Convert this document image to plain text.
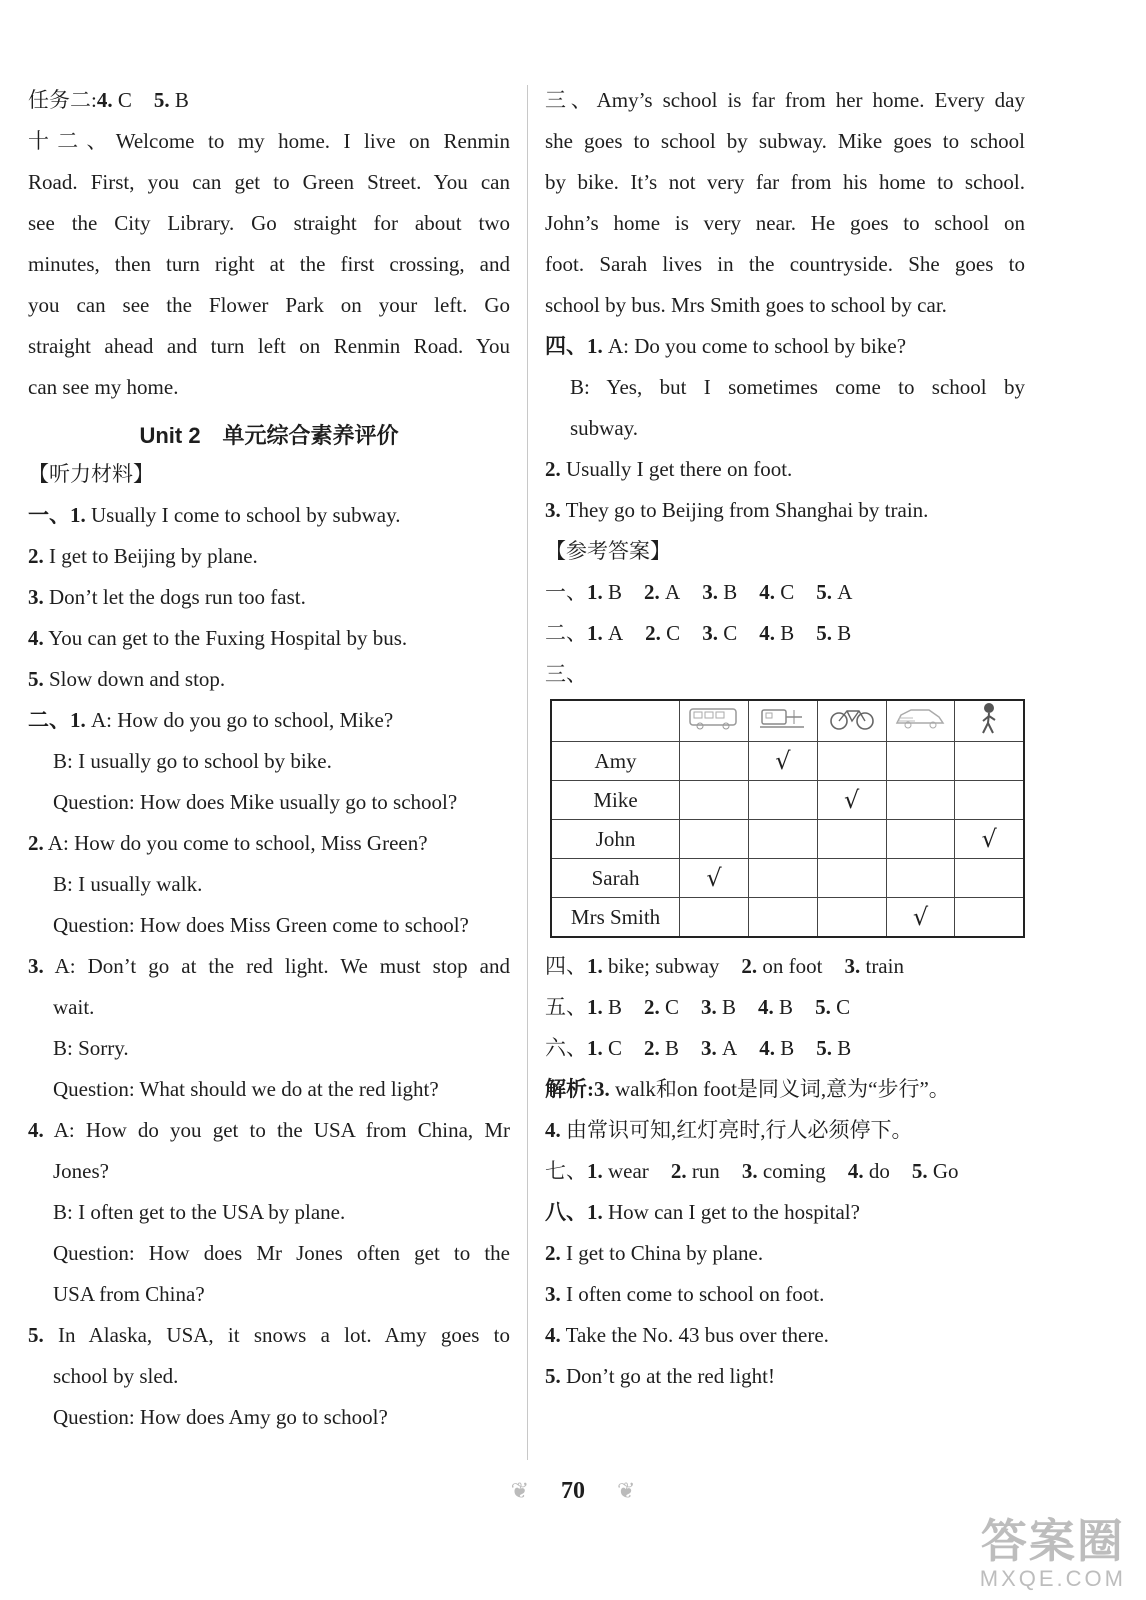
任务二:4. C 5. B
十二、Welcome to my home. I live on Renmin
Road. First, you can get to Green Street. You can
see the City Library. Go straight for about two
minutes, then turn right at the first crossing, and
you can see the Flower Park on your left. Go
straight ahead and turn left on Renmin Road. You
can see my home.
Unit 2　单元综合素养评价
【听力材料】
一、1. Usually I come to school by subway.
2. I get to Beijing by plane.
3. Don’t let the dogs run too fast.
4. You can get to the Fuxing Hospital by bus.
5. Slow down and stop.
二、1. A: How do you go to school, Mike?
B: I usually go to school by bike.
Question: How does Mike usually go to school?
2. A: How do you come to school, Miss Green?
B: I usually walk.
Question: How does Miss Green come to school?
3. A: Don’t go at the red light. We must stop and
wait.
B: Sorry.
Question: What should we do at the red light?
4. A: How do you get to the USA from China, Mr
Jones?
B: I often get to the USA by plane.
Question: How does Mr Jones often get to the
USA from China?
5. In Alaska, USA, it snows a lot. Amy goes to
school by sled.
Question: How does Amy go to school?
三、Amy’s school is far from her home. Every day
she goes to school by subway. Mike goes to school
by bike. It’s not very far from his home to school.
John’s home is very near. He goes to school on
foot. Sarah lives in the countryside. She goes to
school by bus. Mrs Smith goes to school by car.
四、1. A: Do you come to school by bike?
B: Yes, but I sometimes come to school by
subway.
2. Usually I get there on foot.
3. They go to Beijing from Shanghai by train.
【参考答案】
一、1. B 2. A 3. B 4. C 5. A
二、1. A 2. C 3. C 4. B 5. B
三、

Amy		√			
Mike			√		
John					√
Sarah	√				
Mrs Smith				√	
四、1. bike; subway 2. on foot 3. train
五、1. B 2. C 3. B 4. B 5. C
六、1. C 2. B 3. A 4. B 5. B
解析:3. walk和on foot是同义词,意为“步行”。
4. 由常识可知,红灯亮时,行人必须停下。
七、1. wear 2. run 3. coming 4. do 5. Go
八、1. How can I get to the hospital?
2. I get to China by plane.
3. I often come to school on foot.
4. Take the No. 43 bus over there.
5. Don’t go at the red light!
❦ 70 ❦
答案圈
MXQE.COM
